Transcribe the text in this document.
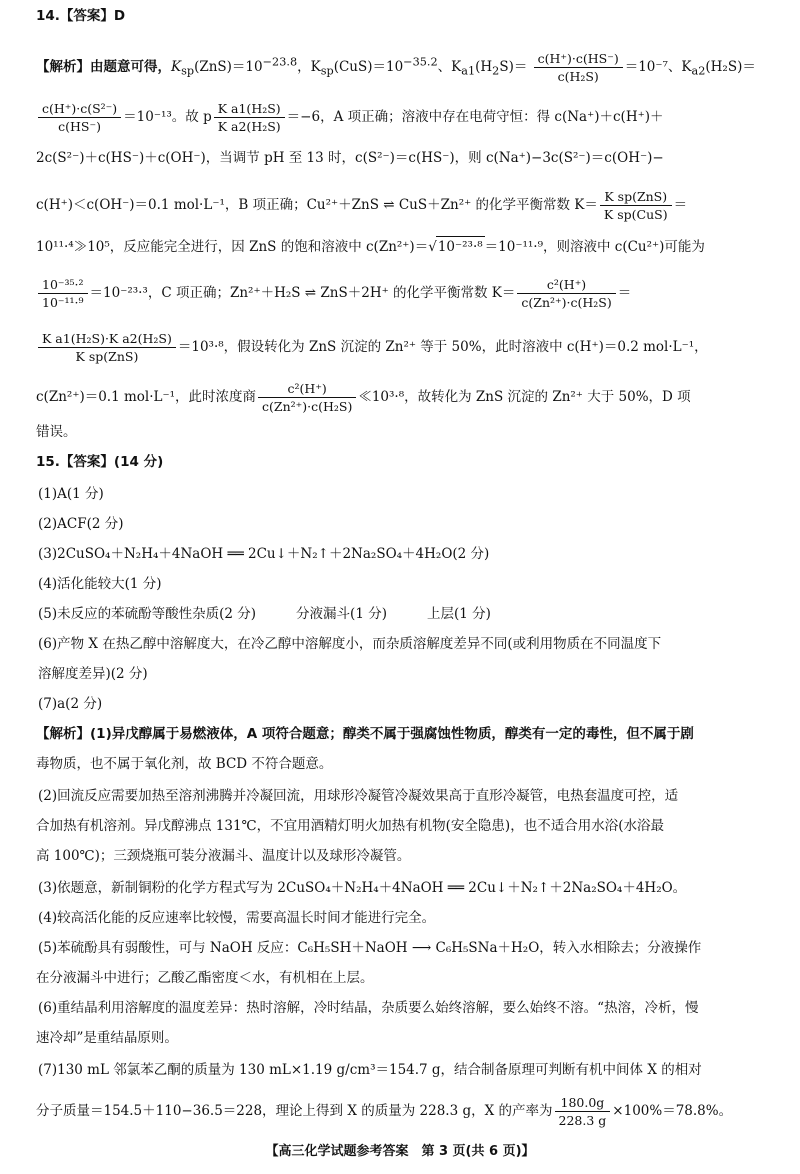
14.【答案】D
【解析】由题意可得，$K_{sp}(ZnS)=10^{-23.8}$，$K_{sp}(CuS)=10^{-35.2}$、$K_{a1}(H_2S)= \frac{c(H^+)\cdot c(HS^-)}{\text{c(H₂S)}} =10^{-7}$、$K_{a2}(H_2S)=$
$\frac{\text{c(H⁺)·c(S²⁻)}}{c(HS^-)} =10^{-13}$。故 p $\frac{\text{K a1(H₂S)}}{\text{K a2(H₂S)}} =-6$，A 项正确；溶液中存在电荷守恒：得 c(Na⁺)＋c(H⁺)＋
2c(S²⁻)＋c(HS⁻)＋c(OH⁻)，当调节 pH 至 13 时，c(S²⁻)＝c(HS⁻)，则 c(Na⁺)−3c(S²⁻)＝c(OH⁻)−
c(H⁺)＜c(OH⁻)＝0.1 mol·L⁻¹，B 项正确；Cu²⁺＋ZnS ⇌ CuS＋Zn²⁺ 的化学平衡常数 $K= \frac{\text{K sp(ZnS)}}{\text{K sp(CuS)}}$ ＝
10¹¹·⁴≫10⁵，反应能完全进行，因 ZnS 的饱和溶液中 c(Zn²⁺)＝√10⁻²³·⁸ ＝10⁻¹¹·⁹，则溶液中 c(Cu²⁺)可能为
$\frac{\text{10⁻³⁵·²}}{\text{10⁻¹¹·⁹}} =10^{-23}\cdot^3$，C 项正确；Zn²⁺＋H₂S ⇌ ZnS＋2H⁺ 的化学平衡常数 $K= \frac{\text{c²(H⁺)}}{\text{c(Zn²⁺)·c(H₂S)}}$ ＝
$\frac{\text{K a1(H₂S)·K a2(H₂S)}}{\text{K sp(ZnS)}} =10^3\cdot^8$，假设转化为 ZnS 沉淀的 Zn²⁺ 等于 50%，此时溶液中 c(H⁺)＝0.2 mol·L⁻¹，
c(Zn²⁺)＝0.1 mol·L⁻¹，此时浓度商 $\frac{\text{c²(H⁺)}}{\text{c(Zn²⁺)·c(H₂S)}}$ ≪10³·⁸，故转化为 ZnS 沉淀的 Zn²⁺ 大于 50%，D 项
错误。
15.【答案】(14 分)
(1)A(1 分)
(2)ACF(2 分)
(3)2CuSO₄＋N₂H₄＋4NaOH ══ 2Cu↓＋N₂↑＋2Na₂SO₄＋4H₂O(2 分)
(4)活化能较大(1 分)
(5)未反应的苯硫酚等酸性杂质(2 分)	分液漏斗(1 分)	上层(1 分)
(6)产物 X 在热乙醇中溶解度大，在冷乙醇中溶解度小，而杂质溶解度差异不同(或利用物质在不同温度下
溶解度差异)(2 分)
(7)a(2 分)
【解析】(1)异戊醇属于易燃液体，A 项符合题意；醇类不属于强腐蚀性物质，醇类有一定的毒性，但不属于剧
毒物质，也不属于氧化剂，故 BCD 不符合题意。
(2)回流反应需要加热至溶剂沸腾并冷凝回流，用球形冷凝管冷凝效果高于直形冷凝管，电热套温度可控，适
合加热有机溶剂。异戊醇沸点 131℃，不宜用酒精灯明火加热有机物(安全隐患)，也不适合用水浴(水浴最
高 100℃)；三颈烧瓶可装分液漏斗、温度计以及球形冷凝管。
(3)依题意，新制铜粉的化学方程式写为 2CuSO₄＋N₂H₄＋4NaOH ══ 2Cu↓＋N₂↑＋2Na₂SO₄＋4H₂O。
(4)较高活化能的反应速率比较慢，需要高温长时间才能进行完全。
(5)苯硫酚具有弱酸性，可与 NaOH 反应：C₆H₅SH＋NaOH ⟶ C₆H₅SNa＋H₂O，转入水相除去；分液操作
在分液漏斗中进行；乙酸乙酯密度＜水，有机相在上层。
(6)重结晶利用溶解度的温度差异：热时溶解，冷时结晶，杂质要么始终溶解，要么始终不溶。“热溶，冷析，慢
速冷却”是重结晶原则。
(7)130 mL 邻氯苯乙酮的质量为 130 mL×1.19 g/cm³＝154.7 g，结合制备原理可判断有机中间体 X 的相对
分子质量＝154.5＋110−36.5＝228，理论上得到 X 的质量为 228.3 g，X 的产率为 $\frac{180.0g}{228.3 g} \times 100\%=78.8\%$。
【高三化学试题参考答案　第 3 页(共 6 页)】
